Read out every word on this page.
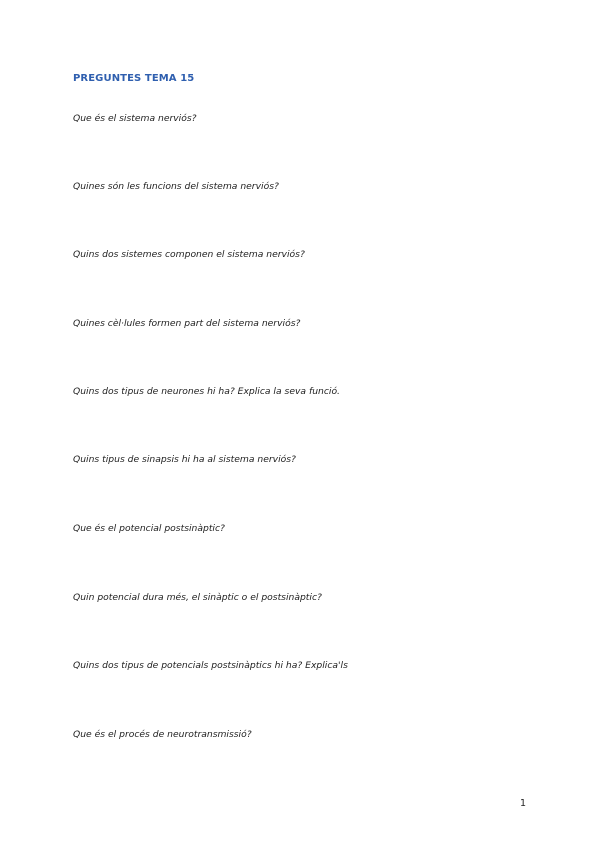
PREGUNTES TEMA 15
Que és el sistema nerviós?
Quines són les funcions del sistema nerviós?
Quins dos sistemes componen el sistema nerviós?
Quines cèl·lules formen part del sistema nerviós?
Quins dos tipus de neurones hi ha? Explica la seva funció.
Quins tipus de sinapsis hi ha al sistema nerviós?
Que és el potencial postsinàptic?
Quin potencial dura més, el sinàptic o el postsinàptic?
Quins dos tipus de potencials postsinàptics hi ha? Explica'ls
Que és el procés de neurotransmissió?
1
